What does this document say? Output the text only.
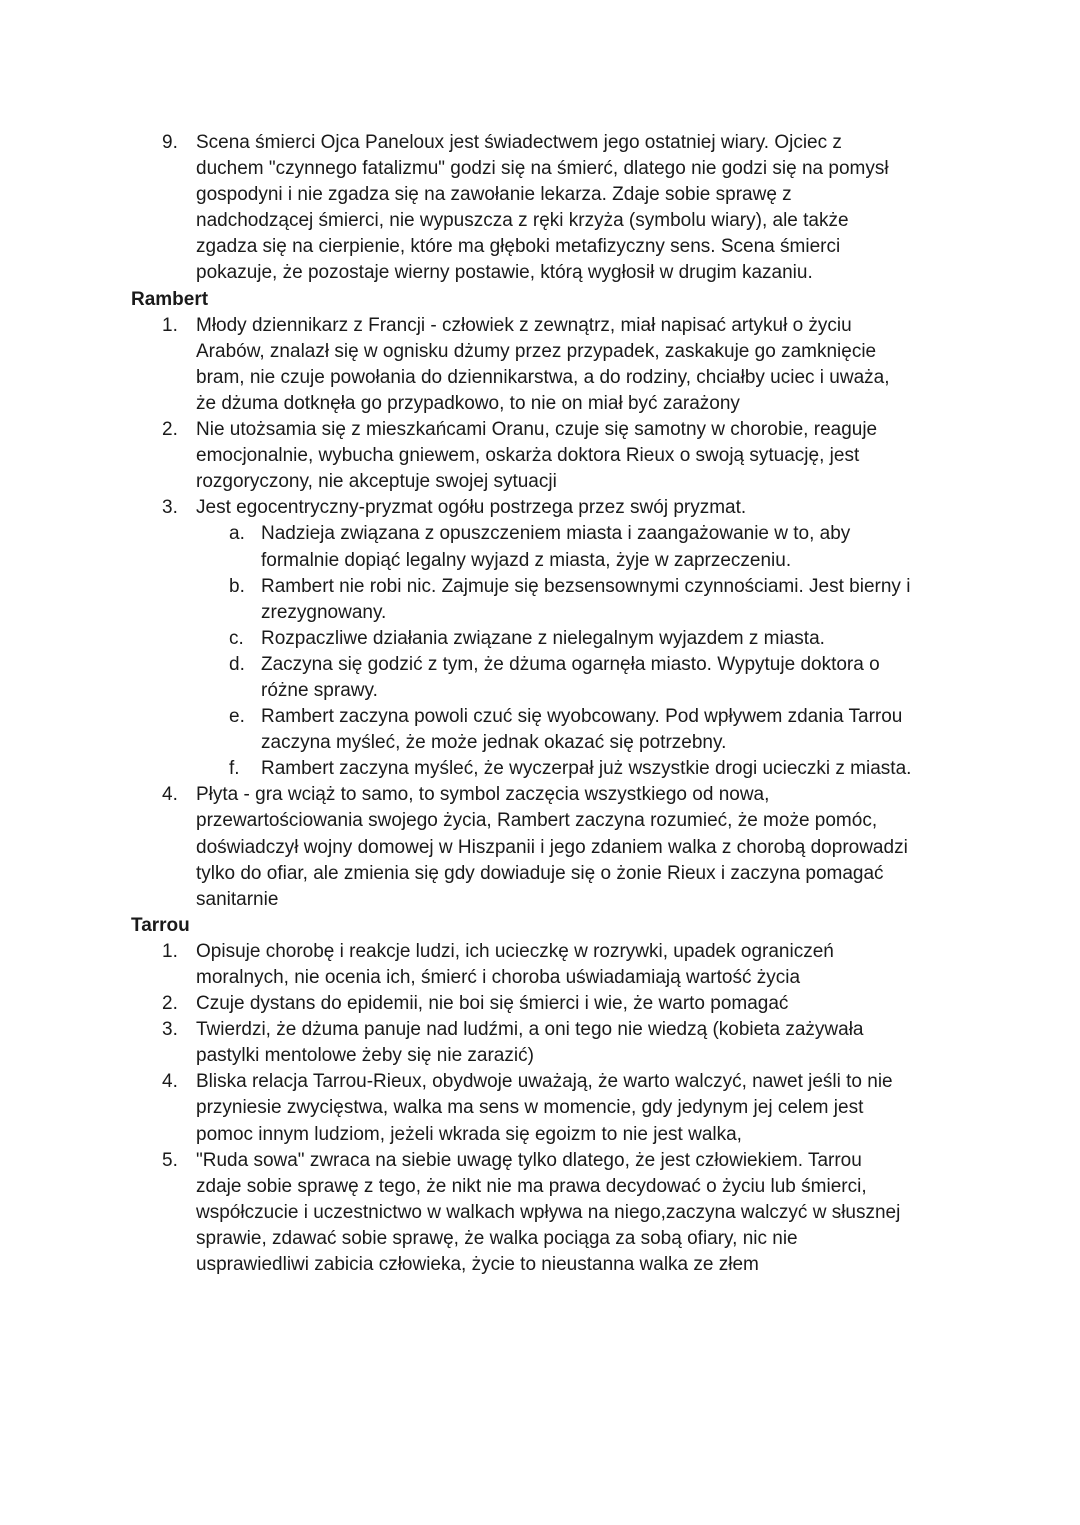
9. Scena śmierci Ojca Paneloux jest świadectwem jego ostatniej wiary. Ojciec z
duchem "czynnego fatalizmu" godzi się na śmierć, dlatego nie godzi się na pomysł
gospodyni i nie zgadza się na zawołanie lekarza. Zdaje sobie sprawę z
nadchodzącej śmierci, nie wypuszcza z ręki krzyża (symbolu wiary), ale także
zgadza się na cierpienie, które ma głęboki metafizyczny sens. Scena śmierci
pokazuje, że pozostaje wierny postawie, którą wygłosił w drugim kazaniu.
Rambert
1. Młody dziennikarz z Francji - człowiek z zewnątrz, miał napisać artykuł o życiu
Arabów, znalazł się w ognisku dżumy przez przypadek, zaskakuje go zamknięcie
bram, nie czuje powołania do dziennikarstwa, a do rodziny, chciałby uciec i uważa,
że dżuma dotknęła go przypadkowo, to nie on miał być zarażony
2. Nie utożsamia się z mieszkańcami Oranu, czuje się samotny w chorobie, reaguje
emocjonalnie, wybucha gniewem, oskarża doktora Rieux o swoją sytuację, jest
rozgoryczony, nie akceptuje swojej sytuacji
3. Jest egocentryczny-pryzmat ogółu postrzega przez swój pryzmat.
a. Nadzieja związana z opuszczeniem miasta i zaangażowanie w to, aby
formalnie dopiąć legalny wyjazd z miasta, żyje w zaprzeczeniu.
b. Rambert nie robi nic. Zajmuje się bezsensownymi czynnościami. Jest bierny i
zrezygnowany.
c. Rozpaczliwe działania związane z nielegalnym wyjazdem z miasta.
d. Zaczyna się godzić z tym, że dżuma ogarnęła miasto. Wypytuje doktora o
różne sprawy.
e. Rambert zaczyna powoli czuć się wyobcowany. Pod wpływem zdania Tarrou
zaczyna myśleć, że może jednak okazać się potrzebny.
f. Rambert zaczyna myśleć, że wyczerpał już wszystkie drogi ucieczki z miasta.
4. Płyta - gra wciąż to samo, to symbol zaczęcia wszystkiego od nowa,
przewartościowania swojego życia, Rambert zaczyna rozumieć, że może pomóc,
doświadczył wojny domowej w Hiszpanii i jego zdaniem walka z chorobą doprowadzi
tylko do ofiar, ale zmienia się gdy dowiaduje się o żonie Rieux i zaczyna pomagać
sanitarnie
Tarrou
1. Opisuje chorobę i reakcje ludzi, ich ucieczkę w rozrywki, upadek ograniczeń
moralnych, nie ocenia ich, śmierć i choroba uświadamiają wartość życia
2. Czuje dystans do epidemii, nie boi się śmierci i wie, że warto pomagać
3. Twierdzi, że dżuma panuje nad ludźmi, a oni tego nie wiedzą (kobieta zażywała
pastylki mentolowe żeby się nie zarazić)
4. Bliska relacja Tarrou-Rieux, obydwoje uważają, że warto walczyć, nawet jeśli to nie
przyniesie zwycięstwa, walka ma sens w momencie, gdy jedynym jej celem jest
pomoc innym ludziom, jeżeli wkrada się egoizm to nie jest walka,
5. "Ruda sowa" zwraca na siebie uwagę tylko dlatego, że jest człowiekiem. Tarrou
zdaje sobie sprawę z tego, że nikt nie ma prawa decydować o życiu lub śmierci,
współczucie i uczestnictwo w walkach wpływa na niego,zaczyna walczyć w słusznej
sprawie, zdawać sobie sprawę, że walka pociąga za sobą ofiary, nic nie
usprawiedliwi zabicia człowieka, życie to nieustanna walka ze złem
